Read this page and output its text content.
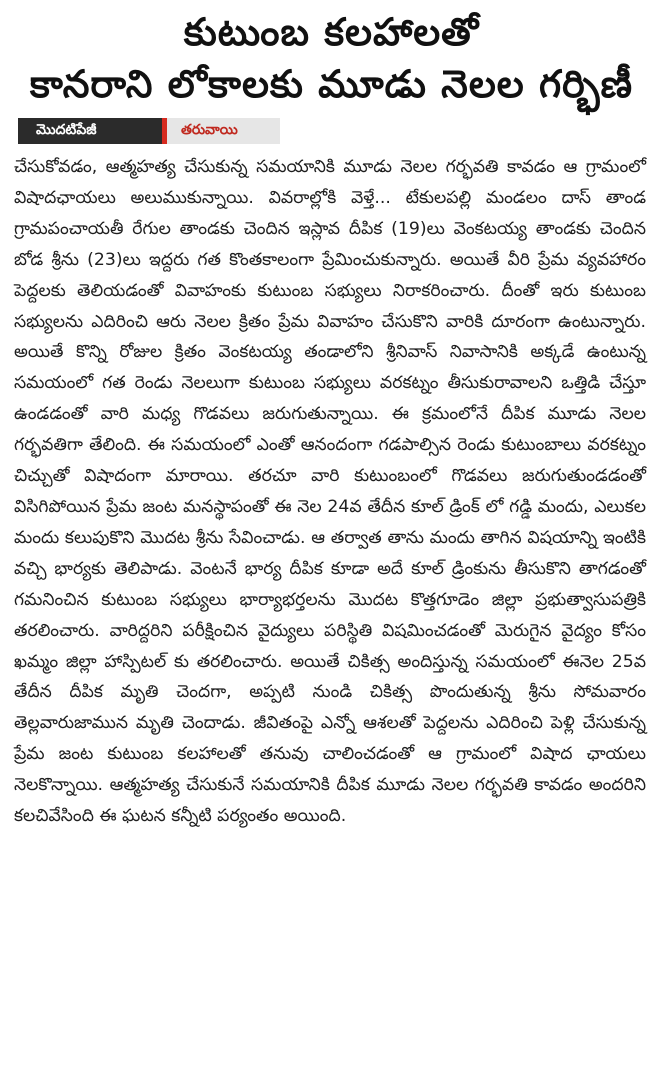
కుటుంబ కలహాలతో
కానరాని లోకాలకు మూడు నెలల గర్భిణీ
మొదటిపేజీ	తరువాయి

చేసుకోవడం, ఆత్మహత్య చేసుకున్న సమయానికి మూడు నెలల గర్భవతి కావడం ఆ గ్రామంలో విషాదఛాయలు అలుముకున్నాయి. వివరాల్లోకి వెళ్తే... టేకులపల్లి మండలం దాస్ తాండ గ్రామపంచాయతీ రేగుల తాండకు చెందిన ఇస్లావ దీపిక (19)లు వెంకటయ్య తాండకు చెందిన బోడ శ్రీను (23)లు ఇద్దరు గత కొంతకాలంగా ప్రేమించుకున్నారు. అయితే వీరి ప్రేమ వ్యవహారం పెద్దలకు తెలియడంతో వివాహంకు కుటుంబ సభ్యులు నిరాకరించారు. దీంతో ఇరు కుటుంబ సభ్యులను ఎదిరించి ఆరు నెలల క్రితం ప్రేమ వివాహం చేసుకొని వారికి దూరంగా ఉంటున్నారు. అయితే కొన్ని రోజుల క్రితం వెంకటయ్య తండాలోని శ్రీనివాస్ నివాసానికి అక్కడే ఉంటున్న సమయంలో గత రెండు నెలలుగా కుటుంబ సభ్యులు వరకట్నం తీసుకురావాలని ఒత్తిడి చేస్తూ ఉండడంతో వారి మధ్య గొడవలు జరుగుతున్నాయి. ఈ క్రమంలోనే దీపిక మూడు నెలల గర్భవతిగా తేలింది. ఈ సమయంలో ఎంతో ఆనందంగా గడపాల్సిన రెండు కుటుంబాలు వరకట్నం చిచ్చుతో విషాదంగా మారాయి. తరచూ వారి కుటుంబంలో గొడవలు జరుగుతుండడంతో విసిగిపోయిన ప్రేమ జంట మనస్థాపంతో ఈ నెల 24వ తేదీన కూల్ డ్రింక్ లో గడ్డి మందు, ఎలుకల మందు కలుపుకొని మొదట శ్రీను సేవించాడు. ఆ తర్వాత తాను మందు తాగిన విషయాన్ని ఇంటికి వచ్చి భార్యకు తెలిపాడు. వెంటనే భార్య దీపిక కూడా అదే కూల్ డ్రింకును తీసుకొని తాగడంతో గమనించిన కుటుంబ సభ్యులు భార్యాభర్తలను మొదట కొత్తగూడెం జిల్లా ప్రభుత్వాసుపత్రికి తరలించారు. వారిద్దరిని పరీక్షించిన వైద్యులు పరిస్థితి విషమించడంతో మెరుగైన వైద్యం కోసం ఖమ్మం జిల్లా హాస్పిటల్ కు తరలించారు. అయితే చికిత్స అందిస్తున్న సమయంలో ఈనెల 25వ తేదీన దీపిక మృతి చెందగా, అప్పటి నుండి చికిత్స పొందుతున్న శ్రీను సోమవారం తెల్లవారుజామున మృతి చెందాడు. జీవితంపై ఎన్నో ఆశలతో పెద్దలను ఎదిరించి పెళ్లి చేసుకున్న ప్రేమ జంట కుటుంబ కలహాలతో తనువు చాలించడంతో ఆ గ్రామంలో విషాద ఛాయలు నెలకొన్నాయి. ఆత్మహత్య చేసుకునే సమయానికి దీపిక మూడు నెలల గర్భవతి కావడం అందరిని కలచివేసింది ఈ ఘటన కన్నీటి పర్యంతం అయింది.
